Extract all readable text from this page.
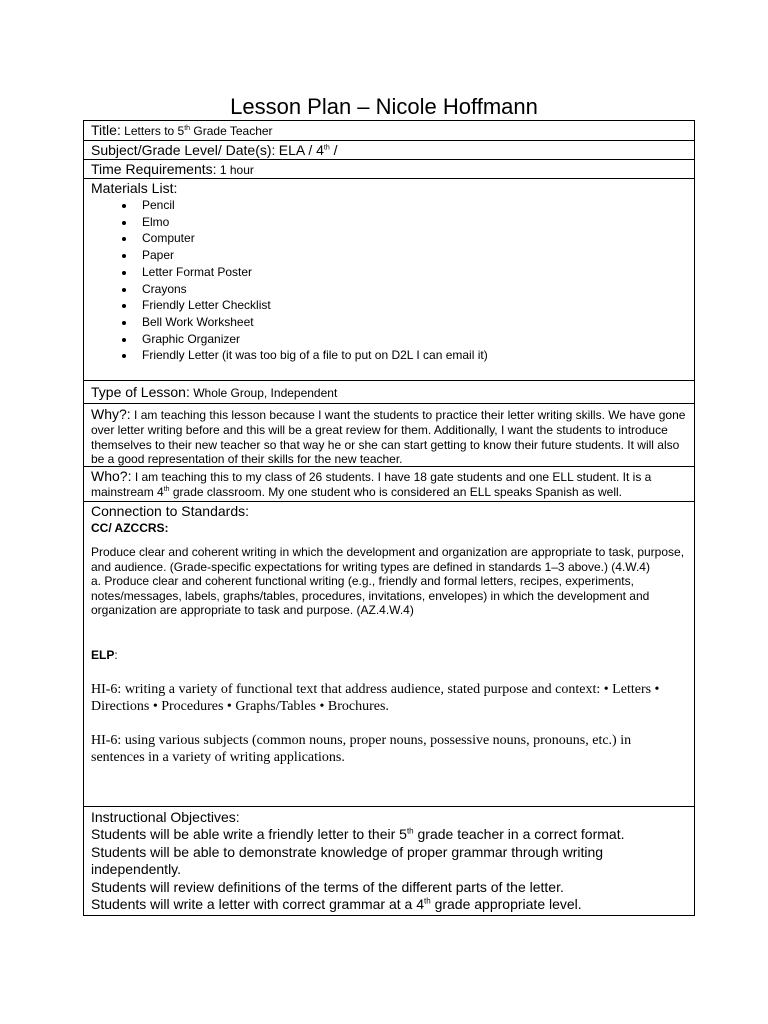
Lesson Plan – Nicole Hoffmann
Title: Letters to 5th Grade Teacher
Subject/Grade Level/ Date(s): ELA / 4th /
Time Requirements: 1 hour
Materials List:
• Pencil
• Elmo
• Computer
• Paper
• Letter Format Poster
• Crayons
• Friendly Letter Checklist
• Bell Work Worksheet
• Graphic Organizer
• Friendly Letter (it was too big of a file to put on D2L I can email it)
Type of Lesson: Whole Group, Independent

Why?: I am teaching this lesson because I want the students to practice their letter writing skills. We have gone over letter writing before and this will be a great review for them. Additionally, I want the students to introduce themselves to their new teacher so that way he or she can start getting to know their future students. It will also be a good representation of their skills for the new teacher.

Who?: I am teaching this to my class of 26 students. I have 18 gate students and one ELL student. It is a mainstream 4th grade classroom. My one student who is considered an ELL speaks Spanish as well.

Connection to Standards:

CC/ AZCCRS:

Produce clear and coherent writing in which the development and organization are appropriate to task, purpose, and audience. (Grade-specific expectations for writing types are defined in standards 1–3 above.) (4.W.4)

a. Produce clear and coherent functional writing (e.g., friendly and formal letters, recipes, experiments, notes/messages, labels, graphs/tables, procedures, invitations, envelopes) in which the development and organization are appropriate to task and purpose. (AZ.4.W.4)

ELP:

HI-6: writing a variety of functional text that address audience, stated purpose and context: • Letters • Directions • Procedures • Graphs/Tables • Brochures.

HI-6: using various subjects (common nouns, proper nouns, possessive nouns, pronouns, etc.) in sentences in a variety of writing applications.

Instructional Objectives:

Students will be able write a friendly letter to their 5th grade teacher in a correct format.

Students will be able to demonstrate knowledge of proper grammar through writing independently.

Students will review definitions of the terms of the different parts of the letter.

Students will write a letter with correct grammar at a 4th grade appropriate level.
